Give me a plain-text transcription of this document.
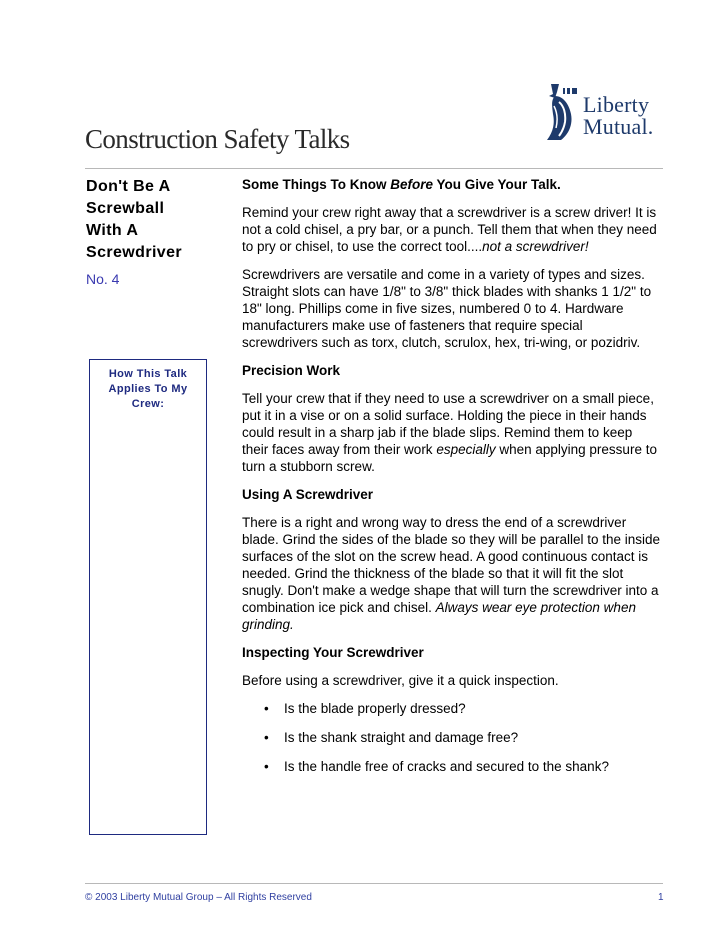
Liberty
Mutual.
Construction Safety Talks
Don't Be A
Screwball
With A
Screwdriver
No. 4
How This Talk
Applies To My
Crew:
Some Things To Know Before You Give Your Talk.
Remind your crew right away that a screwdriver is a screw driver! It is not a cold chisel, a pry bar, or a punch. Tell them that when they need to pry or chisel, to use the correct tool....not a screwdriver!
Screwdrivers are versatile and come in a variety of types and sizes. Straight slots can have 1/8" to 3/8" thick blades with shanks 1 1/2" to 18" long. Phillips come in five sizes, numbered 0 to 4. Hardware manufacturers make use of fasteners that require special screwdrivers such as torx, clutch, scrulox, hex, tri-wing, or pozidriv.
Precision Work
Tell your crew that if they need to use a screwdriver on a small piece, put it in a vise or on a solid surface. Holding the piece in their hands could result in a sharp jab if the blade slips. Remind them to keep their faces away from their work especially when applying pressure to turn a stubborn screw.
Using A Screwdriver
There is a right and wrong way to dress the end of a screwdriver blade. Grind the sides of the blade so they will be parallel to the inside surfaces of the slot on the screw head. A good continuous contact is needed. Grind the thickness of the blade so that it will fit the slot snugly. Don't make a wedge shape that will turn the screwdriver into a combination ice pick and chisel. Always wear eye protection when grinding.
Inspecting Your Screwdriver
Before using a screwdriver, give it a quick inspection.
• Is the blade properly dressed?
• Is the shank straight and damage free?
• Is the handle free of cracks and secured to the shank?
© 2003 Liberty Mutual Group – All Rights Reserved	1
